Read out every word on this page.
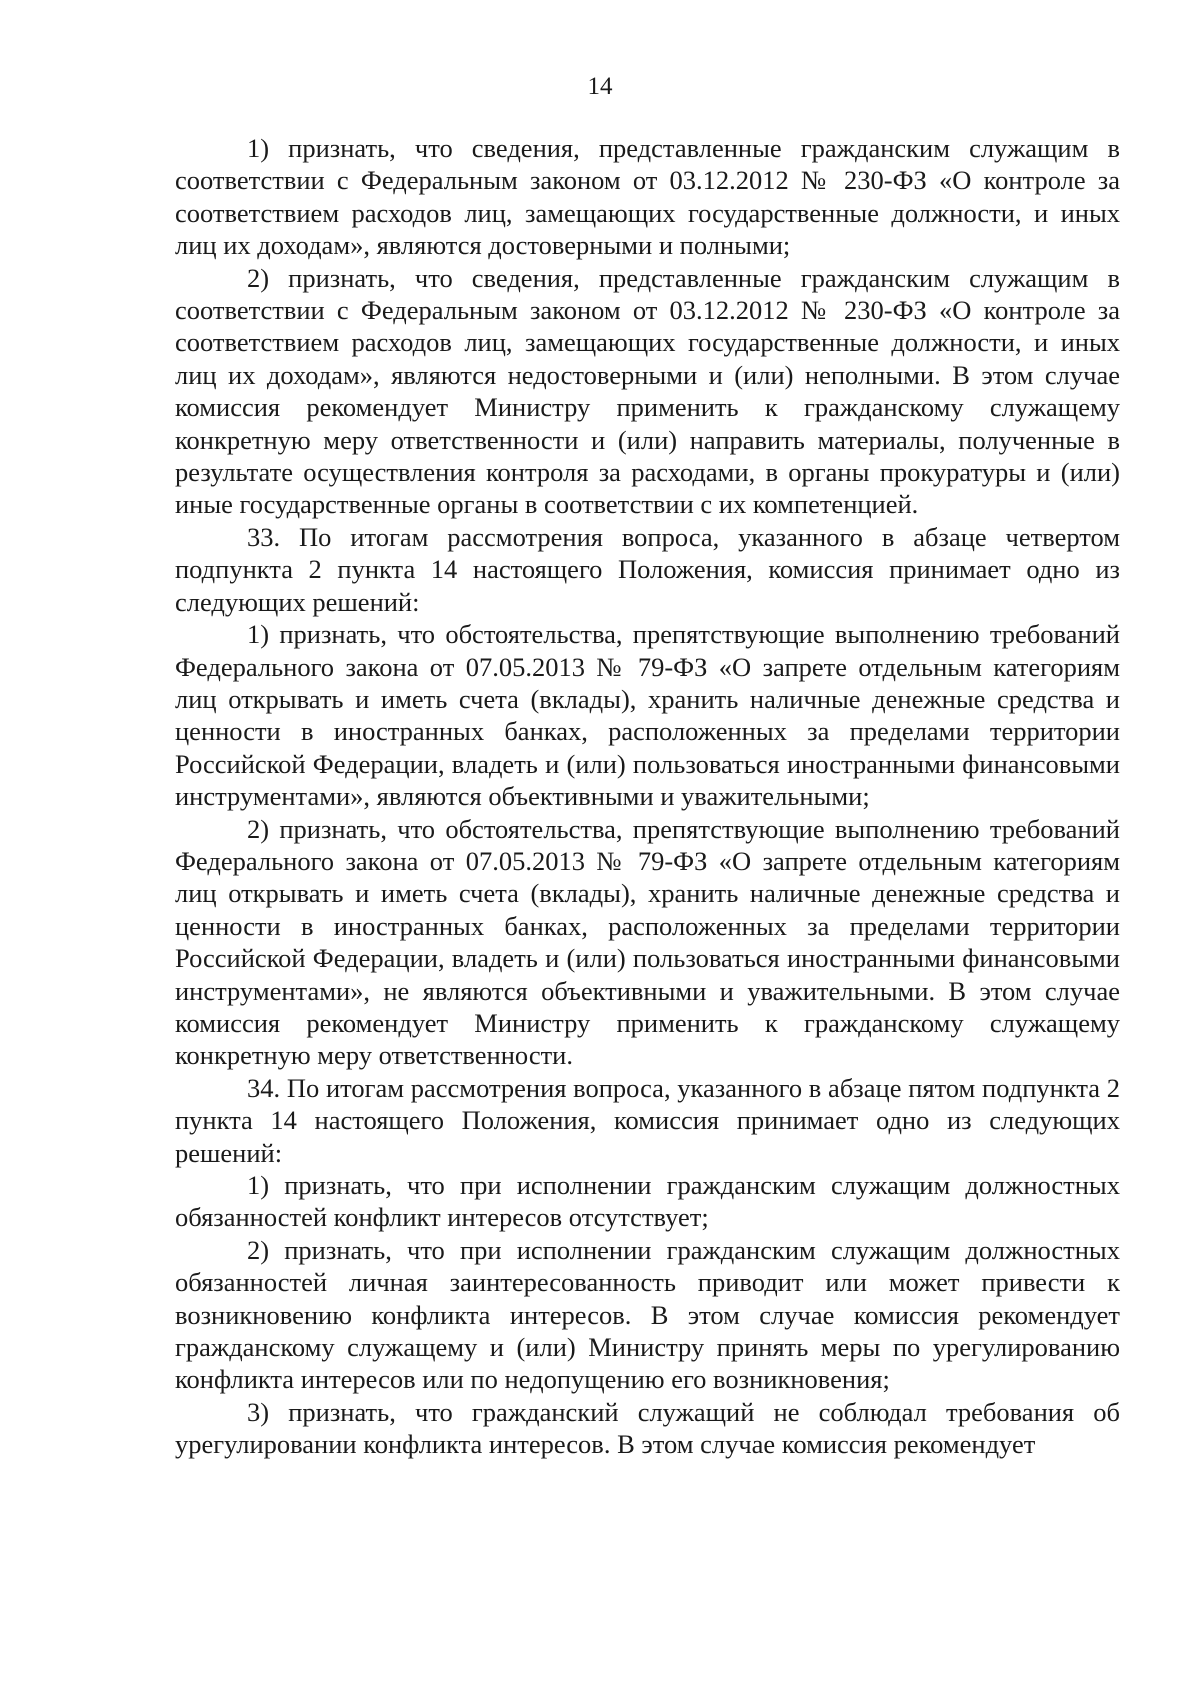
14

1) признать, что сведения, представленные гражданским служащим в соответствии с Федеральным законом от 03.12.2012 № 230-ФЗ «О контроле за соответствием расходов лиц, замещающих государственные должности, и иных лиц их доходам», являются достоверными и полными;

2) признать, что сведения, представленные гражданским служащим в соответствии с Федеральным законом от 03.12.2012 № 230-ФЗ «О контроле за соответствием расходов лиц, замещающих государственные должности, и иных лиц их доходам», являются недостоверными и (или) неполными. В этом случае комиссия рекомендует Министру применить к гражданскому служащему конкретную меру ответственности и (или) направить материалы, полученные в результате осуществления контроля за расходами, в органы прокуратуры и (или) иные государственные органы в соответствии с их компетенцией.

33. По итогам рассмотрения вопроса, указанного в абзаце четвертом подпункта 2 пункта 14 настоящего Положения, комиссия принимает одно из следующих решений:

1) признать, что обстоятельства, препятствующие выполнению требований Федерального закона от 07.05.2013 № 79-ФЗ «О запрете отдельным категориям лиц открывать и иметь счета (вклады), хранить наличные денежные средства и ценности в иностранных банках, расположенных за пределами территории Российской Федерации, владеть и (или) пользоваться иностранными финансовыми инструментами», являются объективными и уважительными;

2) признать, что обстоятельства, препятствующие выполнению требований Федерального закона от 07.05.2013 № 79-ФЗ «О запрете отдельным категориям лиц открывать и иметь счета (вклады), хранить наличные денежные средства и ценности в иностранных банках, расположенных за пределами территории Российской Федерации, владеть и (или) пользоваться иностранными финансовыми инструментами», не являются объективными и уважительными. В этом случае комиссия рекомендует Министру применить к гражданскому служащему конкретную меру ответственности.

34. По итогам рассмотрения вопроса, указанного в абзаце пятом подпункта 2 пункта 14 настоящего Положения, комиссия принимает одно из следующих решений:

1) признать, что при исполнении гражданским служащим должностных обязанностей конфликт интересов отсутствует;

2) признать, что при исполнении гражданским служащим должностных обязанностей личная заинтересованность приводит или может привести к возникновению конфликта интересов. В этом случае комиссия рекомендует гражданскому служащему и (или) Министру принять меры по урегулированию конфликта интересов или по недопущению его возникновения;

3) признать, что гражданский служащий не соблюдал требования об урегулировании конфликта интересов. В этом случае комиссия рекомендует
